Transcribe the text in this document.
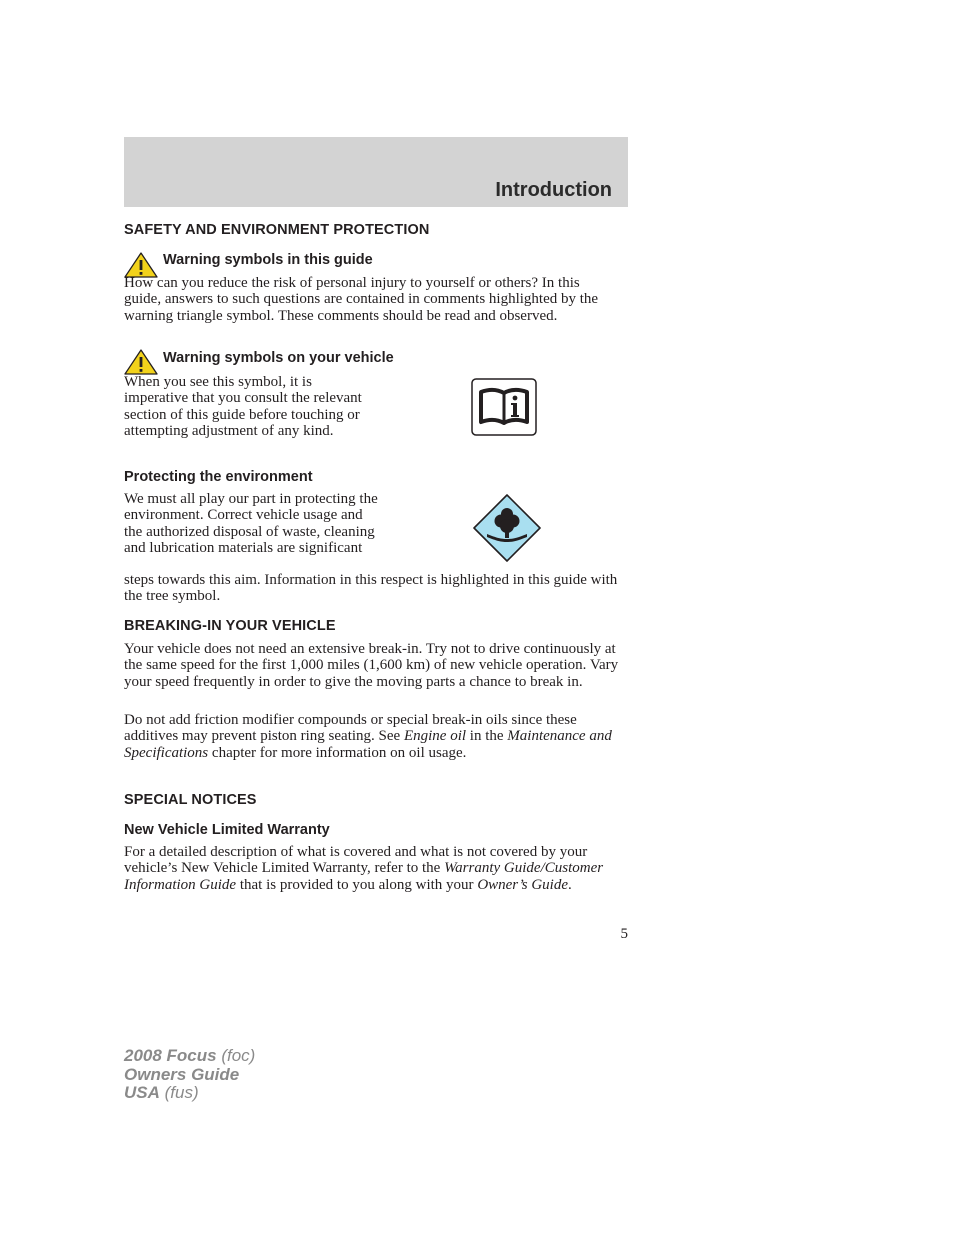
Introduction
SAFETY AND ENVIRONMENT PROTECTION
Warning symbols in this guide

How can you reduce the risk of personal injury to yourself or others? In this guide, answers to such questions are contained in comments highlighted by the warning triangle symbol. These comments should be read and observed.

Warning symbols on your vehicle

When you see this symbol, it is imperative that you consult the relevant section of this guide before touching or attempting adjustment of any kind.

Protecting the environment

We must all play our part in protecting the environment. Correct vehicle usage and the authorized disposal of waste, cleaning and lubrication materials are significant

steps towards this aim. Information in this respect is highlighted in this guide with the tree symbol.

BREAKING-IN YOUR VEHICLE

Your vehicle does not need an extensive break-in. Try not to drive continuously at the same speed for the first 1,000 miles (1,600 km) of new vehicle operation. Vary your speed frequently in order to give the moving parts a chance to break in.

Do not add friction modifier compounds or special break-in oils since these additives may prevent piston ring seating. See Engine oil in the Maintenance and Specifications chapter for more information on oil usage.

SPECIAL NOTICES
New Vehicle Limited Warranty

For a detailed description of what is covered and what is not covered by your vehicle’s New Vehicle Limited Warranty, refer to the Warranty Guide/Customer Information Guide that is provided to you along with your Owner’s Guide.

5
2008 Focus (foc)
Owners Guide
USA (fus)
